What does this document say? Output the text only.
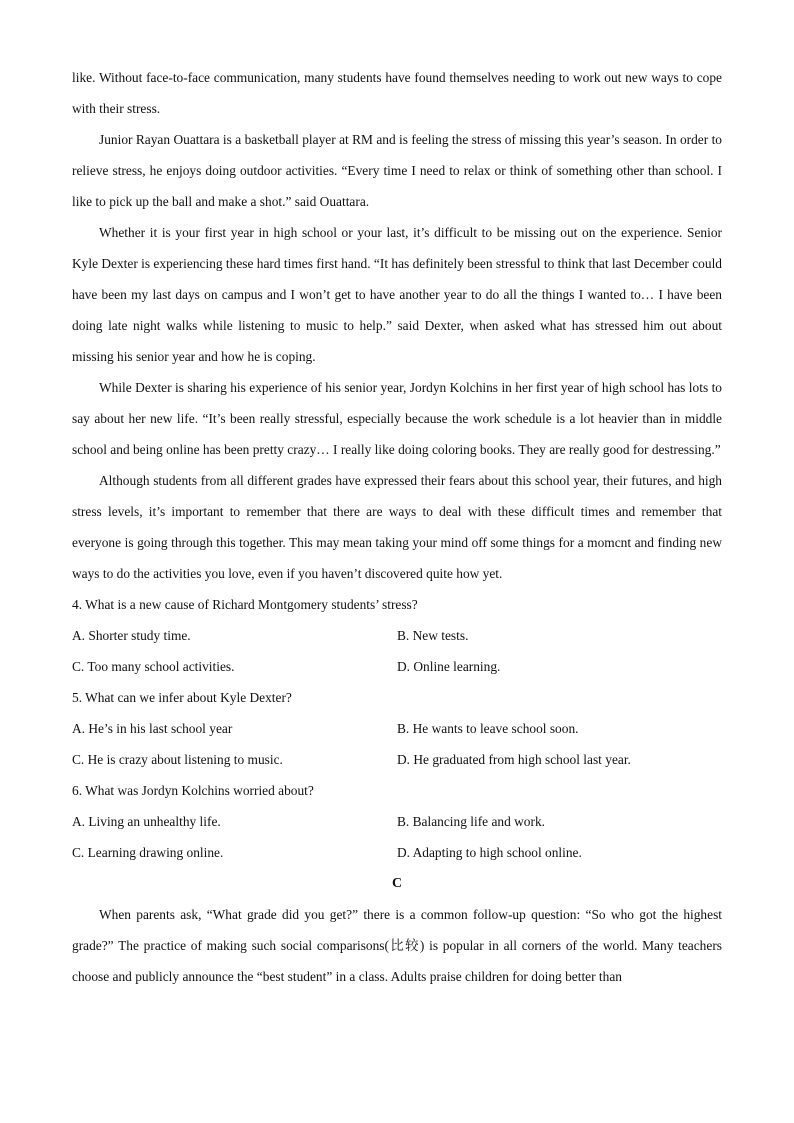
like. Without face-to-face communication, many students have found themselves needing to work out new ways to cope with their stress.

Junior Rayan Ouattara is a basketball player at RM and is feeling the stress of missing this year’s season. In order to relieve stress, he enjoys doing outdoor activities. “Every time I need to relax or think of something other than school. I like to pick up the ball and make a shot.” said Ouattara.

Whether it is your first year in high school or your last, it’s difficult to be missing out on the experience. Senior Kyle Dexter is experiencing these hard times first hand. “It has definitely been stressful to think that last December could have been my last days on campus and I won’t get to have another year to do all the things I wanted to… I have been doing late night walks while listening to music to help.” said Dexter, when asked what has stressed him out about missing his senior year and how he is coping.

While Dexter is sharing his experience of his senior year, Jordyn Kolchins in her first year of high school has lots to say about her new life. “It’s been really stressful, especially because the work schedule is a lot heavier than in middle school and being online has been pretty crazy… I really like doing coloring books. They are really good for destressing.”

Although students from all different grades have expressed their fears about this school year, their futures, and high stress levels, it’s important to remember that there are ways to deal with these difficult times and remember that everyone is going through this together. This may mean taking your mind off some things for a momcnt and finding new ways to do the activities you love, even if you haven’t discovered quite how yet.

4. What is a new cause of Richard Montgomery students’ stress?

A. Shorter study time.	B. New tests.

C. Too many school activities.	D. Online learning.

5. What can we infer about Kyle Dexter?

A. He’s in his last school year	B. He wants to leave school soon.

C. He is crazy about listening to music.	D. He graduated from high school last year.

6. What was Jordyn Kolchins worried about?

A. Living an unhealthy life.	B. Balancing life and work.

C. Learning drawing online.	D. Adapting to high school online.

C

When parents ask, “What grade did you get?” there is a common follow-up question: “So who got the highest grade?” The practice of making such social comparisons(比较) is popular in all corners of the world. Many teachers choose and publicly announce the “best student” in a class. Adults praise children for doing better than
